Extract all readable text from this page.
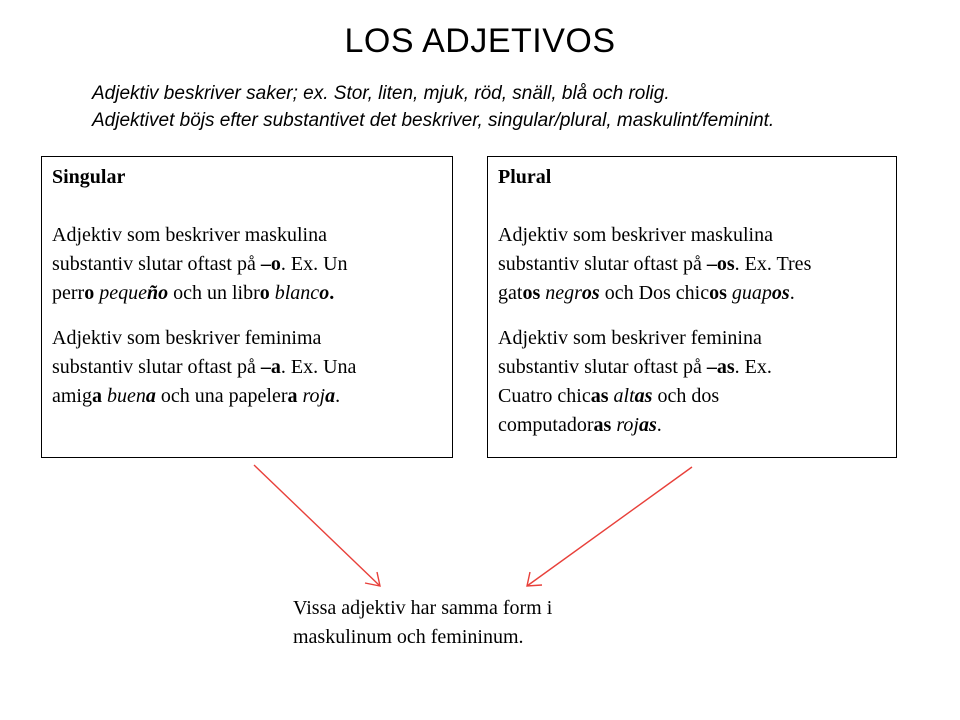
LOS ADJETIVOS
Adjektiv beskriver saker; ex. Stor, liten, mjuk, röd, snäll, blå och rolig.
Adjektivet böjs efter substantivet det beskriver, singular/plural, maskulint/feminint.
Singular

Adjektiv som beskriver maskulina

substantiv slutar oftast på –o. Ex. Un

perro pequeño och un libro blanco.

Adjektiv som beskriver feminima

substantiv slutar oftast på –a. Ex. Una

amiga buena och una papelera roja.

Plural

Adjektiv som beskriver maskulina

substantiv slutar oftast på –os. Ex. Tres

gatos negros och Dos chicos guapos.

Adjektiv som beskriver feminina

substantiv slutar oftast på –as. Ex.

Cuatro chicas altas och dos

computadoras rojas.

Vissa adjektiv har samma form i

maskulinum och femininum.
